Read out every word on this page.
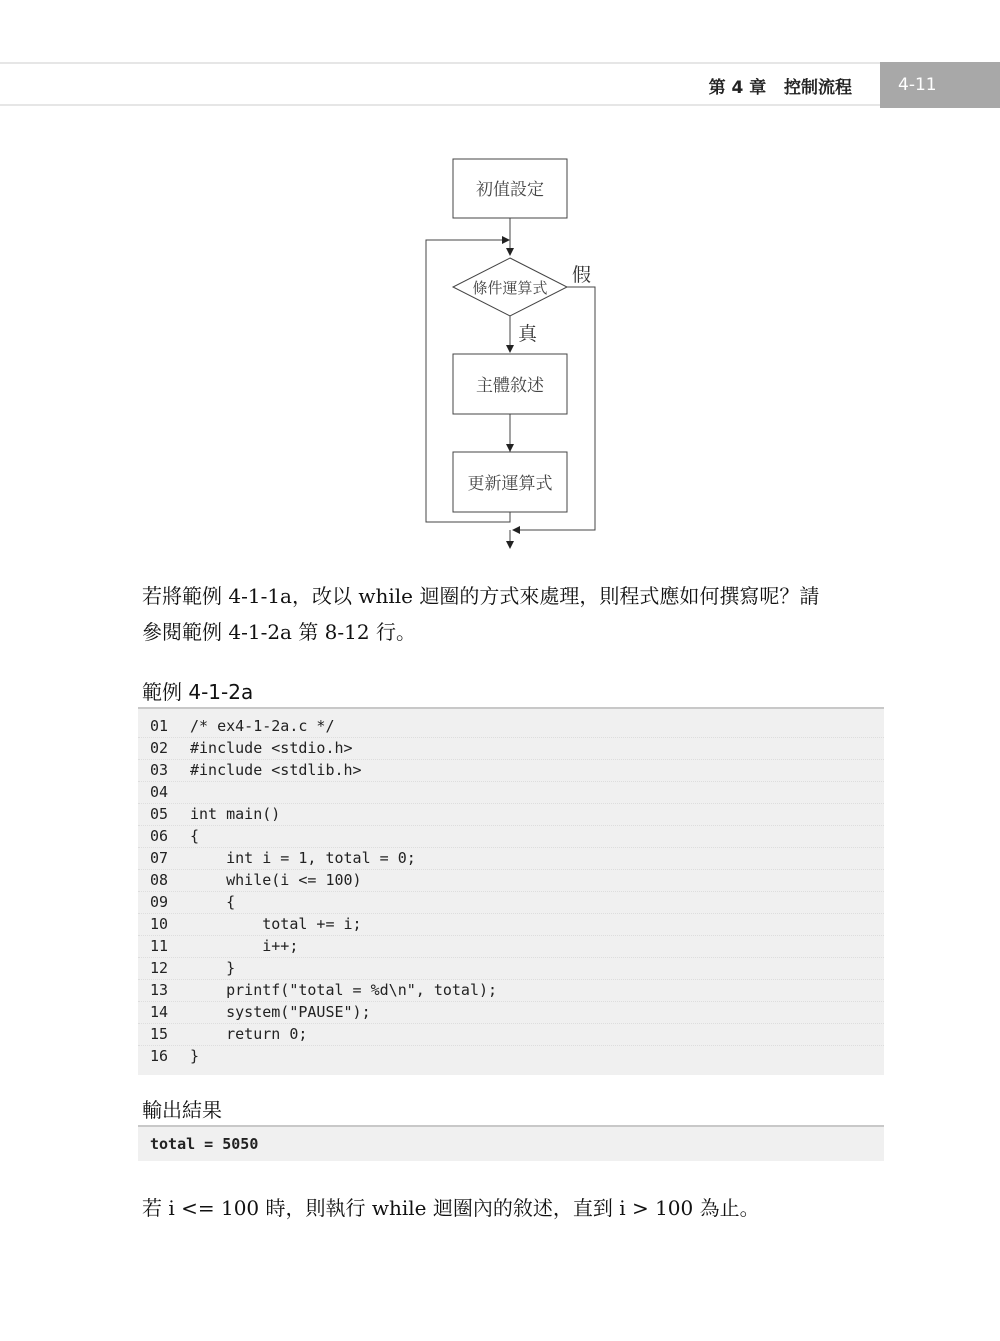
第 4 章   控制流程	4-11
初值設定
條件運算式
假
真
主體敘述
更新運算式
若將範例 4-1-1a，改以 while 迴圈的方式來處理，則程式應如何撰寫呢？請
參閱範例 4-1-2a 第 8-12 行。
範例 4-1-2a
01 /* ex4-1-2a.c */
02 #include <stdio.h>
03 #include <stdlib.h>
04
05 int main()
06 {
07    int i = 1, total = 0;
08    while(i <= 100)
09    {
10        total += i;
11        i++;
12    }
13    printf("total = %d\n", total);
14    system("PAUSE");
15    return 0;
16 }
輸出結果
total = 5050
若 i <= 100 時，則執行 while 迴圈內的敘述，直到 i > 100 為止。
